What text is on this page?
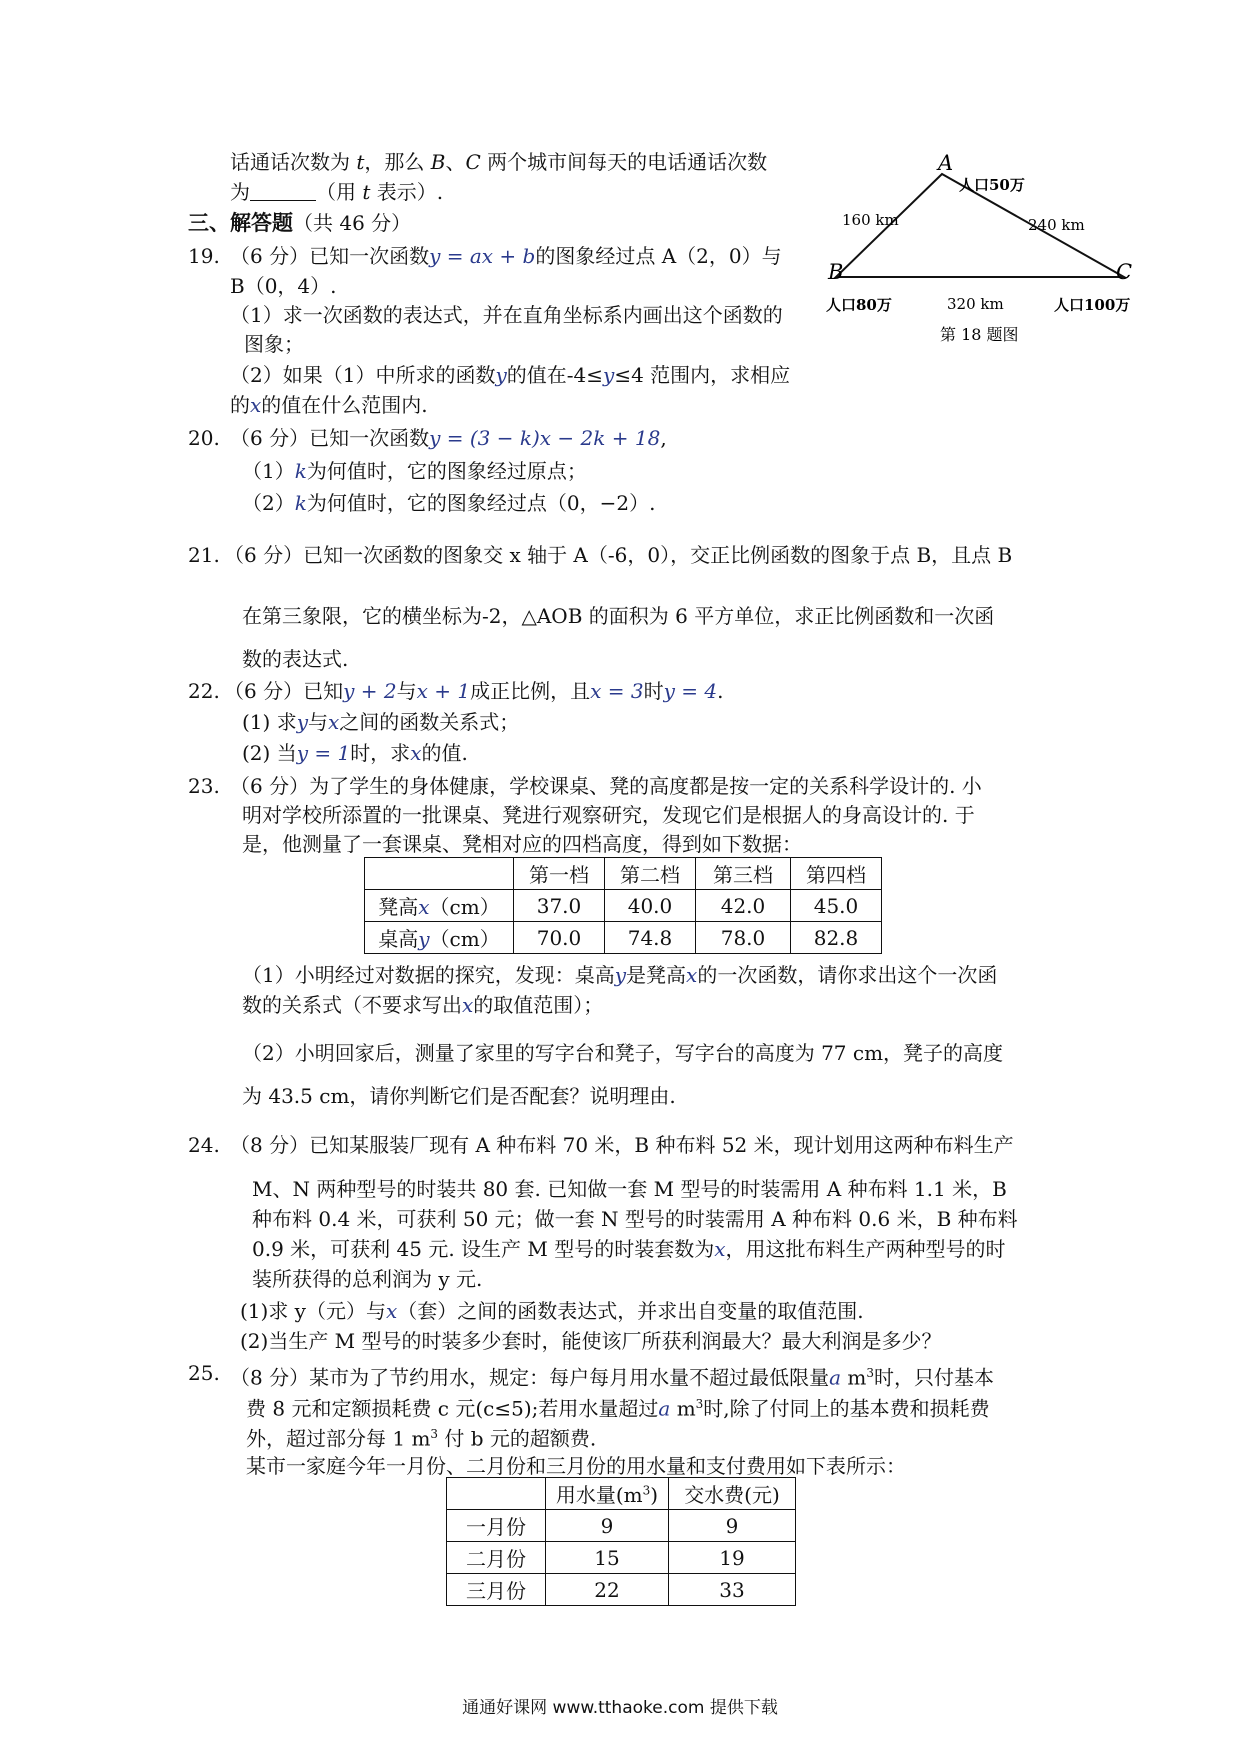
话通话次数为 t，那么 B、C 两个城市间每天的电话通话次数
为	（用 t 表示）.
A
B	C
人口50万
人口80万	人口100万
160 km	240 km
320 km
第 18 题图
三、解答题（共 46 分）
19. （6 分）已知一次函数y = ax + b的图象经过点 A（2，0）与
B（0，4）.
（1）求一次函数的表达式，并在直角坐标系内画出这个函数的
图象；
（2）如果（1）中所求的函数y的值在-4≤y≤4 范围内，求相应
的x的值在什么范围内.
20. （6 分）已知一次函数y = (3 − k)x − 2k + 18,
（1）k为何值时，它的图象经过原点；
（2）k为何值时，它的图象经过点（0，−2）.
21. （6 分）已知一次函数的图象交 x 轴于 A（-6，0），交正比例函数的图象于点 B，且点 B
在第三象限，它的横坐标为-2，△AOB 的面积为 6 平方单位，求正比例函数和一次函
数的表达式.
22. （6 分）已知y + 2与x + 1成正比例，且x = 3时y = 4.
(1) 求y与x之间的函数关系式；
(2) 当y = 1时，求x的值.
23. （6 分）为了学生的身体健康，学校课桌、凳的高度都是按一定的关系科学设计的. 小
明对学校所添置的一批课桌、凳进行观察研究，发现它们是根据人的身高设计的. 于
是，他测量了一套课桌、凳相对应的四档高度，得到如下数据：
	第一档	第二档	第三档	第四档
凳高x（cm）	37.0	40.0	42.0	45.0
桌高y（cm）	70.0	74.8	78.0	82.8
（1）小明经过对数据的探究，发现：桌高y是凳高x的一次函数，请你求出这个一次函
数的关系式（不要求写出x的取值范围）；
（2）小明回家后，测量了家里的写字台和凳子，写字台的高度为 77 cm，凳子的高度
为 43.5 cm，请你判断它们是否配套？说明理由.
24. （8 分）已知某服装厂现有 A 种布料 70 米，B 种布料 52 米，现计划用这两种布料生产
M、N 两种型号的时装共 80 套. 已知做一套 M 型号的时装需用 A 种布料 1.1 米，B
种布料 0.4 米，可获利 50 元；做一套 N 型号的时装需用 A 种布料 0.6 米，B 种布料
0.9 米，可获利 45 元. 设生产 M 型号的时装套数为x，用这批布料生产两种型号的时
装所获得的总利润为 y 元.
(1)求 y（元）与x（套）之间的函数表达式，并求出自变量的取值范围.
(2)当生产 M 型号的时装多少套时，能使该厂所获利润最大？最大利润是多少？
25. （8 分）某市为了节约用水，规定：每户每月用水量不超过最低限量a $m^3$时，只付基本
费 8 元和定额损耗费 c 元(c≤5);若用水量超过a $m^3$时,除了付同上的基本费和损耗费
外，超过部分每 1 $m^3$ 付 b 元的超额费.
某市一家庭今年一月份、二月份和三月份的用水量和支付费用如下表所示：
	用水量$(m^3)$	交水费(元)
一月份	9	9
二月份	15	19
三月份	22	33
通通好课网 www.tthaoke.com 提供下载
